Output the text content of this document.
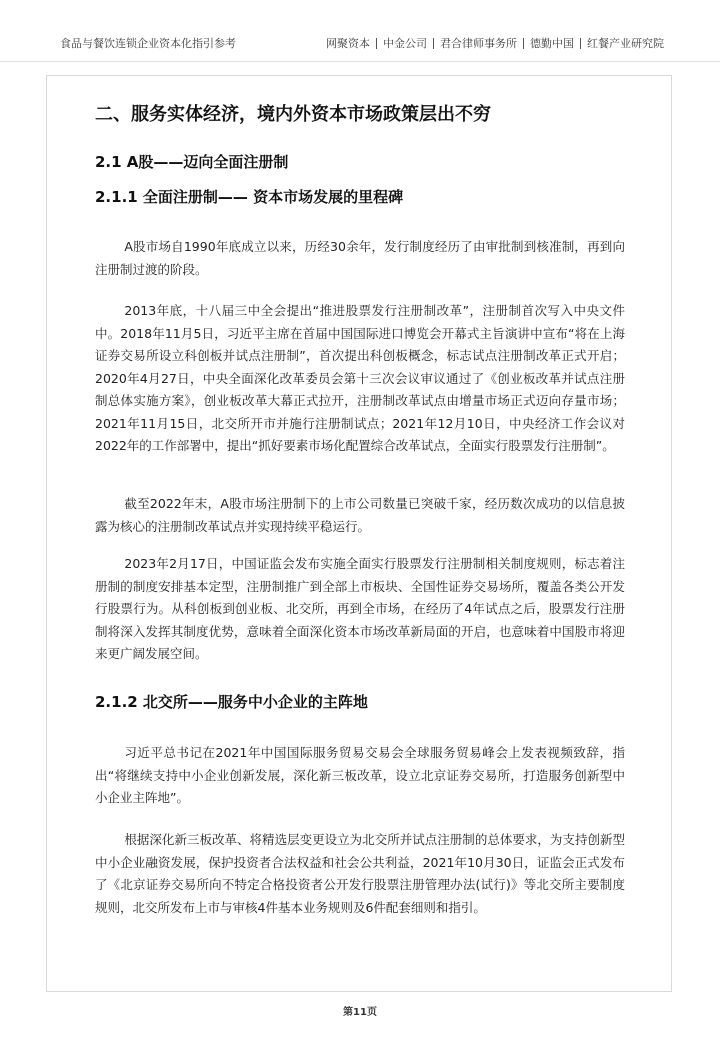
食品与餐饮连锁企业资本化指引参考	网聚资本 中金公司 君合律师事务所 德勤中国 红餐产业研究院
二、服务实体经济，境内外资本市场政策层出不穷
2.1 A股——迈向全面注册制
2.1.1 全面注册制—— 资本市场发展的里程碑

A股市场自1990年底成立以来，历经30余年，发行制度经历了由审批制到核准制，再到向注册制过渡的阶段。

2013年底，十八届三中全会提出“推进股票发行注册制改革”，注册制首次写入中央文件中。2018年11月5日，习近平主席在首届中国国际进口博览会开幕式主旨演讲中宣布“将在上海证券交易所设立科创板并试点注册制”，首次提出科创板概念，标志试点注册制改革正式开启；2020年4月27日，中央全面深化改革委员会第十三次会议审议通过了《创业板改革并试点注册制总体实施方案》，创业板改革大幕正式拉开，注册制改革试点由增量市场正式迈向存量市场；2021年11月15日，北交所开市并施行注册制试点；2021年12月10日，中央经济工作会议对2022年的工作部署中，提出“抓好要素市场化配置综合改革试点，全面实行股票发行注册制”。

截至2022年末，A股市场注册制下的上市公司数量已突破千家，经历数次成功的以信息披露为核心的注册制改革试点并实现持续平稳运行。

2023年2月17日，中国证监会发布实施全面实行股票发行注册制相关制度规则，标志着注册制的制度安排基本定型，注册制推广到全部上市板块、全国性证券交易场所，覆盖各类公开发行股票行为。从科创板到创业板、北交所，再到全市场，在经历了4年试点之后，股票发行注册制将深入发挥其制度优势，意味着全面深化资本市场改革新局面的开启，也意味着中国股市将迎来更广阔发展空间。

2.1.2 北交所——服务中小企业的主阵地

习近平总书记在2021年中国国际服务贸易交易会全球服务贸易峰会上发表视频致辞，指出“将继续支持中小企业创新发展，深化新三板改革，设立北京证券交易所，打造服务创新型中小企业主阵地”。

根据深化新三板改革、将精选层变更设立为北交所并试点注册制的总体要求，为支持创新型中小企业融资发展，保护投资者合法权益和社会公共利益，2021年10月30日，证监会正式发布了《北京证券交易所向不特定合格投资者公开发行股票注册管理办法(试行)》等北交所主要制度规则，北交所发布上市与审核4件基本业务规则及6件配套细则和指引。

第11页
